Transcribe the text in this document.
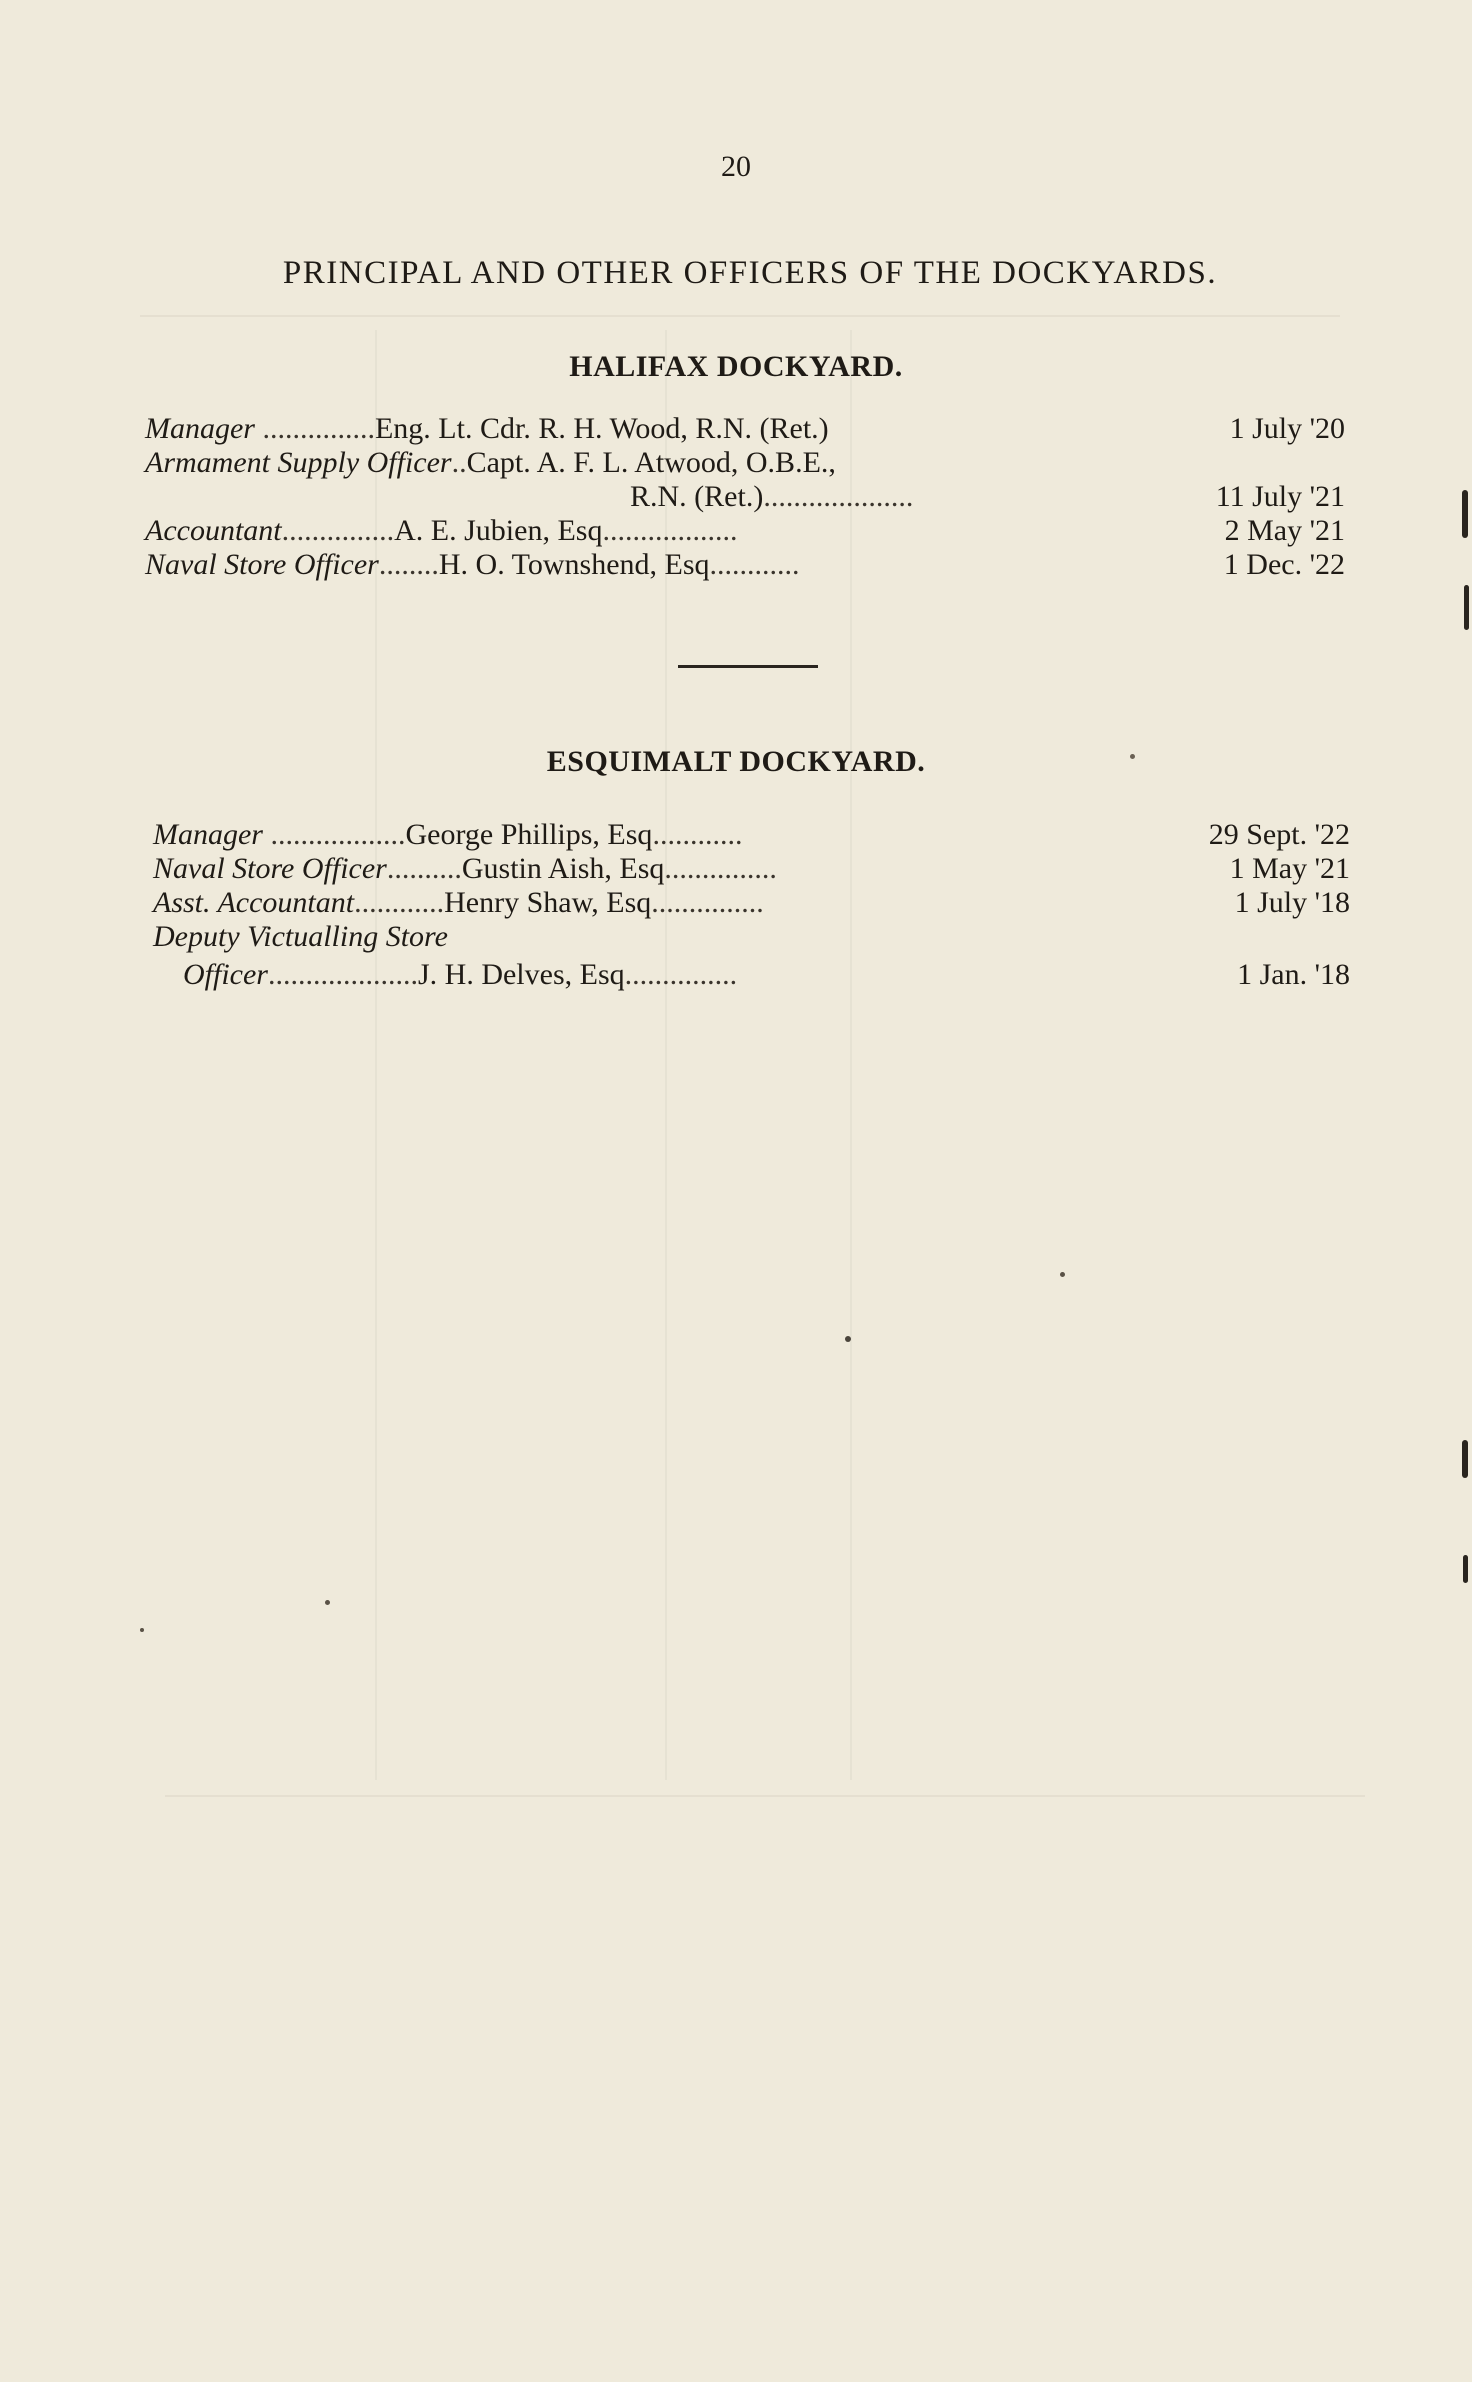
20
PRINCIPAL AND OTHER OFFICERS OF THE DOCKYARDS.
HALIFAX DOCKYARD.
Manager ...............Eng. Lt. Cdr. R. H. Wood, R.N. (Ret.)	1 July '20
Armament Supply Officer..Capt. A. F. L. Atwood, O.B.E.,
R.N. (Ret.)....................	11 July '21
Accountant...............A. E. Jubien, Esq..................	2 May '21
Naval Store Officer........H. O. Townshend, Esq............	1 Dec. '22
ESQUIMALT DOCKYARD.
Manager ..................George Phillips, Esq............	29 Sept. '22
Naval Store Officer..........Gustin Aish, Esq...............	1 May '21
Asst. Accountant............Henry Shaw, Esq...............	1 July '18
Deputy Victualling Store
Officer....................J. H. Delves, Esq...............	1 Jan. '18
